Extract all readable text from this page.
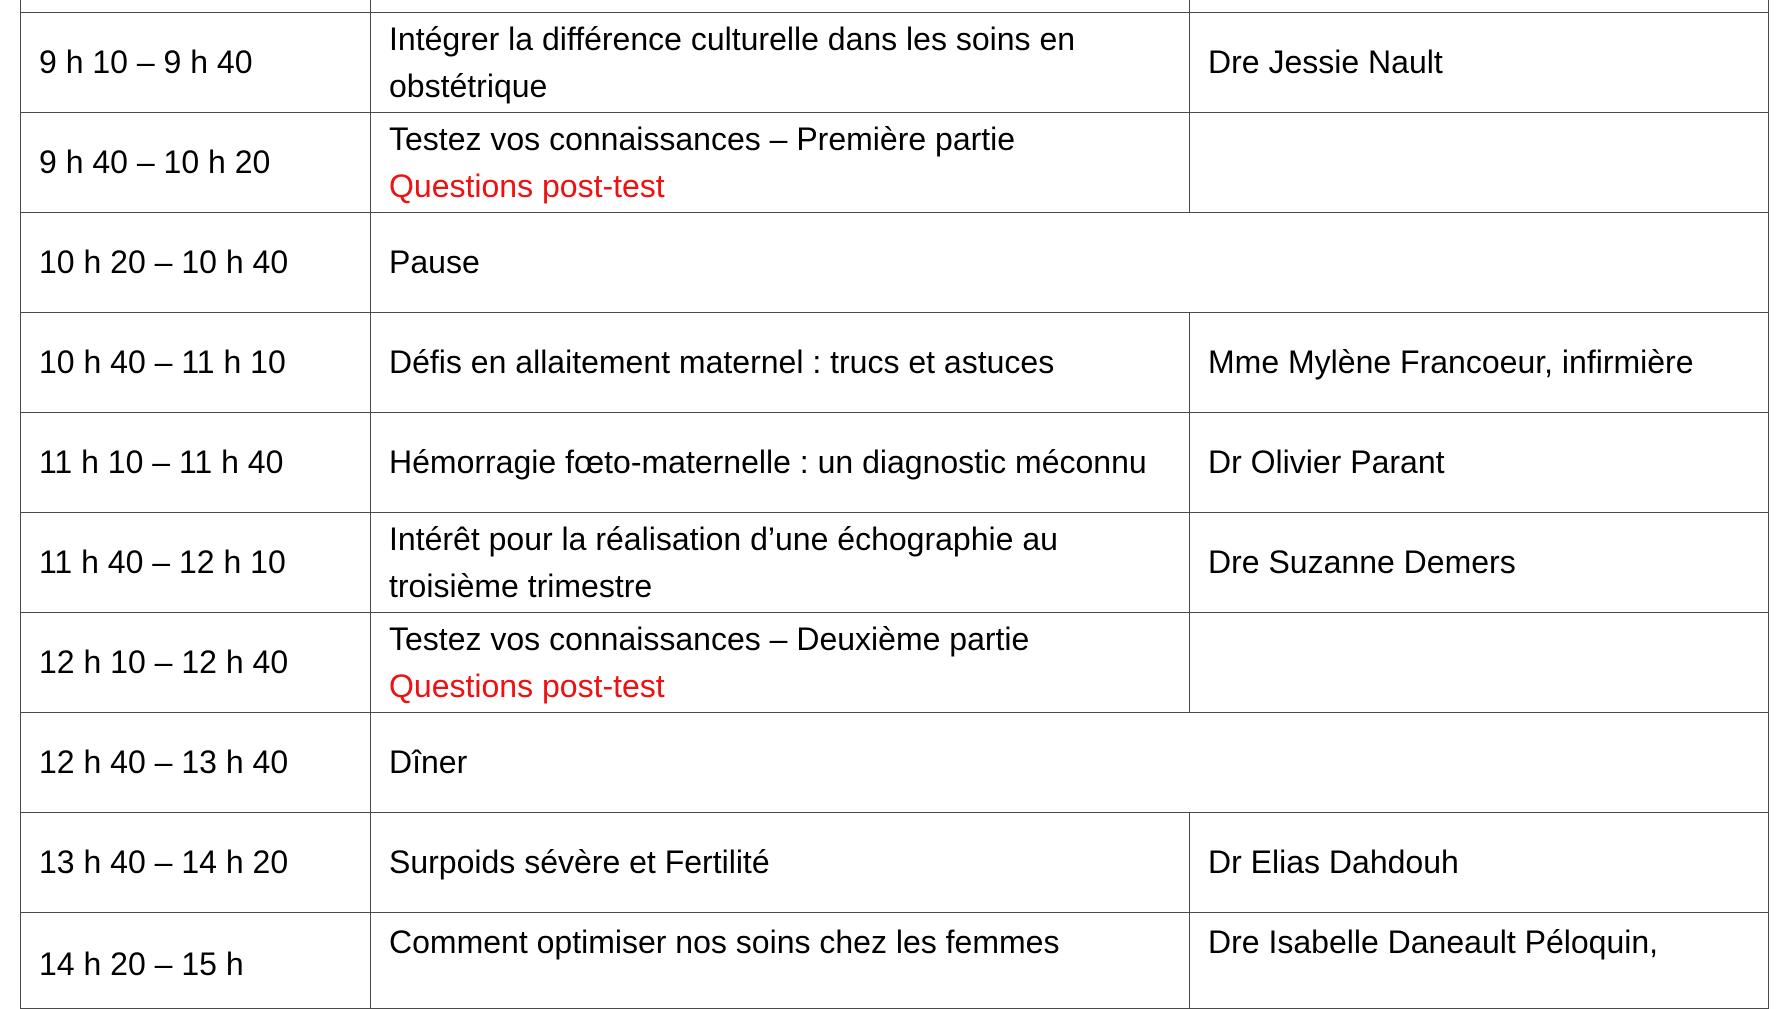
9 h 10 – 9 h 40	Intégrer la différence culturelle dans les soins en obstétrique	Dre Jessie Nault
9 h 40 – 10 h 20	Testez vos connaissances – Première partie
Questions post-test	

10 h 20 – 10 h 40	Pause	
10 h 40 – 11 h 10	Défis en allaitement maternel : trucs et astuces	Mme Mylène Francoeur, infirmière
11 h 10 – 11 h 40	Hémorragie fœto-maternelle : un diagnostic méconnu	Dr Olivier Parant
11 h 40 – 12 h 10	Intérêt pour la réalisation d’une échographie au troisième trimestre	Dre Suzanne Demers
12 h 10 – 12 h 40	Testez vos connaissances – Deuxième partie
Questions post-test	

12 h 40 – 13 h 40	Dîner	
13 h 40 – 14 h 20	Surpoids sévère et Fertilité	Dr Elias Dahdouh
14 h 20 – 15 h	Comment optimiser nos soins chez les femmes	Dre Isabelle Daneault Péloquin,
